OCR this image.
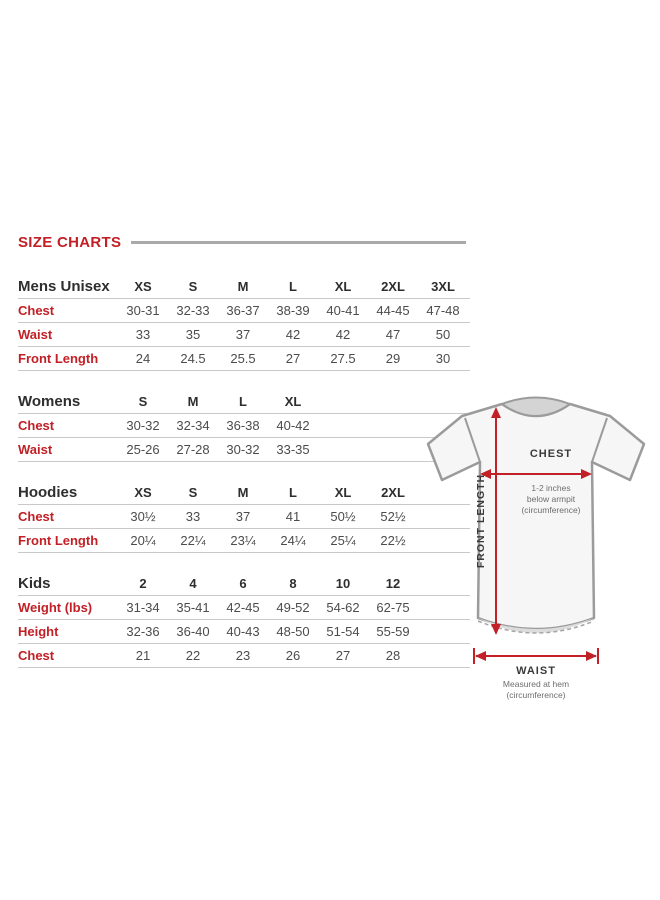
SIZE CHARTS
Mens Unisex	XS	S	M	L	XL	2XL	3XL
Chest	30-31	32-33	36-37	38-39	40-41	44-45	47-48
Waist	33	35	37	42	42	47	50
Front Length	24	24.5	25.5	27	27.5	29	30
Womens	S	M	L	XL
Chest	30-32	32-34	36-38	40-42
Waist	25-26	27-28	30-32	33-35
Hoodies	XS	S	M	L	XL	2XL
Chest	30½	33	37	41	50½	52½
Front Length	20¼	22¼	23¼	24¼	25¼	22½
Kids	2	4	6	8	10	12
Weight (lbs)	31-34	35-41	42-45	49-52	54-62	62-75
Height	32-36	36-40	40-43	48-50	51-54	55-59
Chest	21	22	23	26	27	28
CHEST
1-2 inches below armpit (circumference)
FRONT LENGTH
WAIST
Measured at hem (circumference)
